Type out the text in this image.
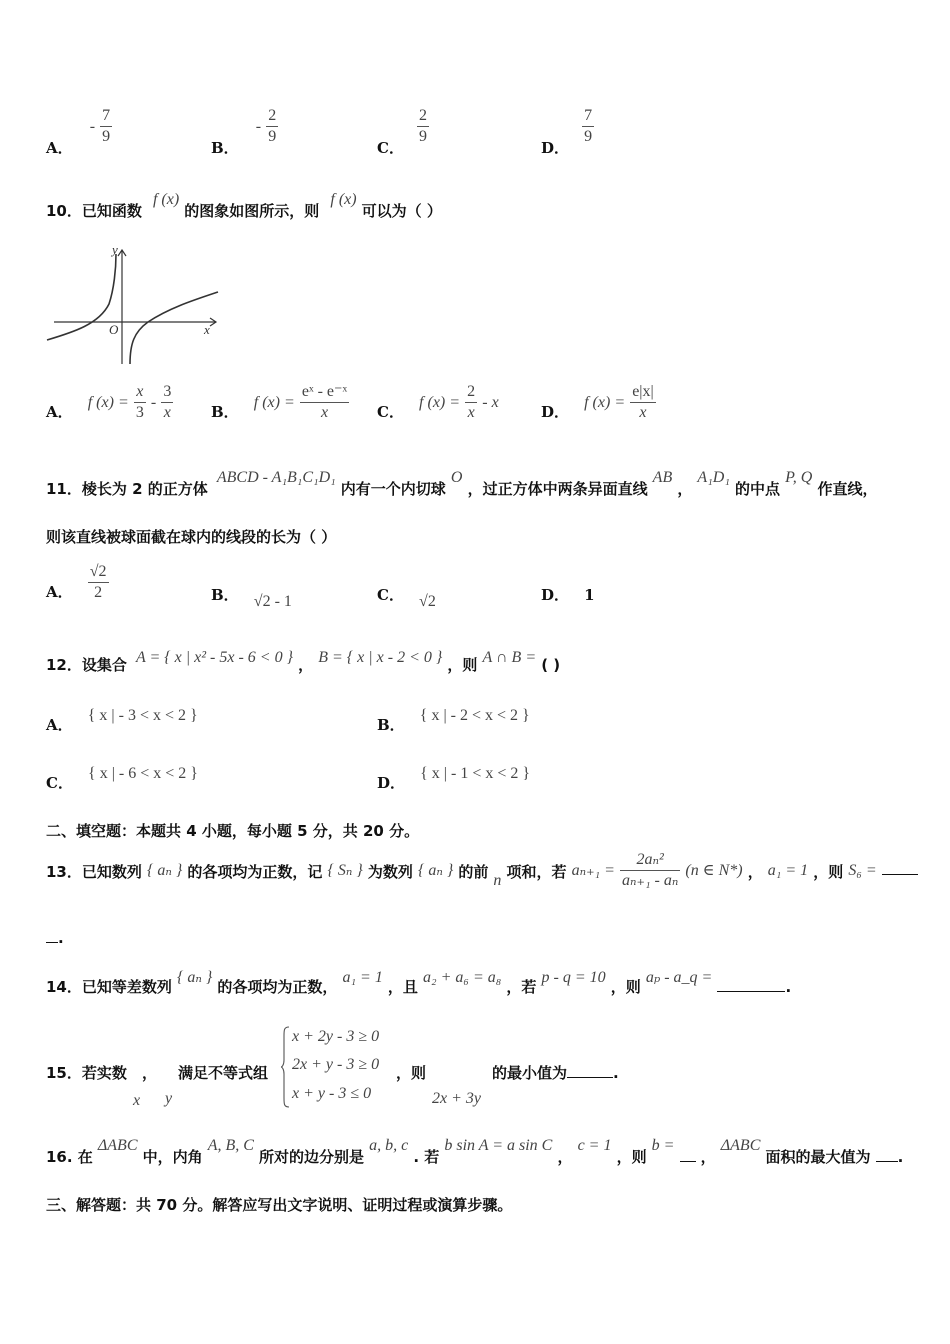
A． - $\frac{7}{9}$
B． - $\frac{2}{9}$
C．
$\frac{2}{9}$
D．
$\frac{7}{9}$
10．已知函数 f (x) 的图象如图所示，则 f (x) 可以为（ ）
y
x
O
A． f $(x) = \frac{x}{3} - \frac{3}{x}$	B． f $(x) = \frac{\text{eˣ - e⁻ˣ}}{x}$ C． f $(x) = \frac{2}{x} - x$
D． f $(x) = \frac{e|x|}{x}$
11．棱长为 2 的正方体 ABCD - A₁B₁C₁D₁ 内有一个内切球 O ，过正方体中两条异面直线 AB ， A₁D₁ 的中点 P, Q 作直线，
则该直线被球面截在球内的线段的长为（ ）
A． $\frac{√2}{2}$	B． √2 - 1	C． √2	D． 1
12．设集合 A = { x | x² - 5x - 6 < 0 } ， B = { x | x - 2 < 0 } ，则 A ∩ B = ( )
A． { x | - 3 < x < 2 }
B． { x | - 2 < x < 2 }
C． { x | - 6 < x < 2 }
D． { x | - 1 < x < 2 }
二、填空题：本题共 4 小题，每小题 5 分，共 20 分。
13．已知数列 { aₙ } 的各项均为正数，记 { Sₙ } 为数列 { aₙ } 的前 n 项和，若 $a_{n+1} = \frac{\text{2aₙ²}}{\text{aₙ₊₁ - aₙ}} (n$ ∈ N*) ， a₁ = 1 ，则 S₆ =
.
14．已知等差数列 { aₙ } 的各项均为正数， a₁ = 1 ，且 a₂ + a₆ = a₈ ，若 p - q = 10 ，则 aₚ - a_q = .
15．若实数 ， 满足不等式组
x y
x + 2y - 3 ≥ 0
2x + y - 3 ≥ 0
x + y - 3 ≤ 0
，则
2x + 3y
的最小值为	.
16. 在 ΔABC 中，内角 A, B, C 所对的边分别是 a, b, c . 若 b sin A = a sin C ， c = 1 ，则 b =  ， ΔABC 面积的最大值为 .
三、解答题：共 70 分。解答应写出文字说明、证明过程或演算步骤。
